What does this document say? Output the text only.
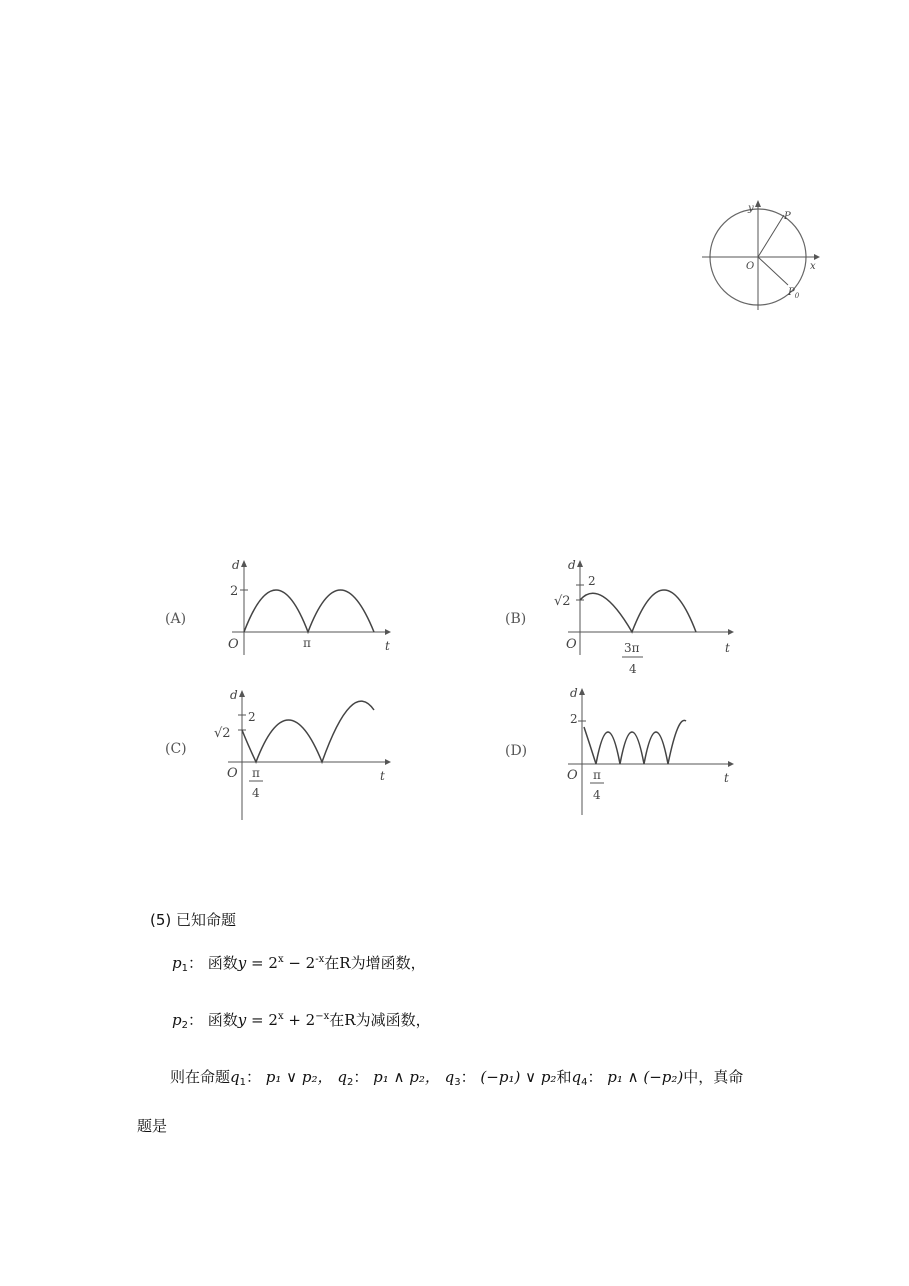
y
x
O
P
$P_0$
(A)
d
2
O	π	t
(B)
d
2
√2
O	3π
4
t
(C)
d
2
√2
O π
4
t
(D)
d
2
O π
4
t
(5) 已知命题
$p_1$： 函数$y = 2^x - 2^{-x}$在R为增函数，
$p_2$： 函数$y = 2^x + 2^{-x}$在R为减函数，
则在命题$q_1$： p₁ ∨ p₂， $q_2$： p₁ ∧ p₂， $q_3$： (−p₁) ∨ p₂和$q_4$： p₁ ∧ (−p₂)中，真命
题是
